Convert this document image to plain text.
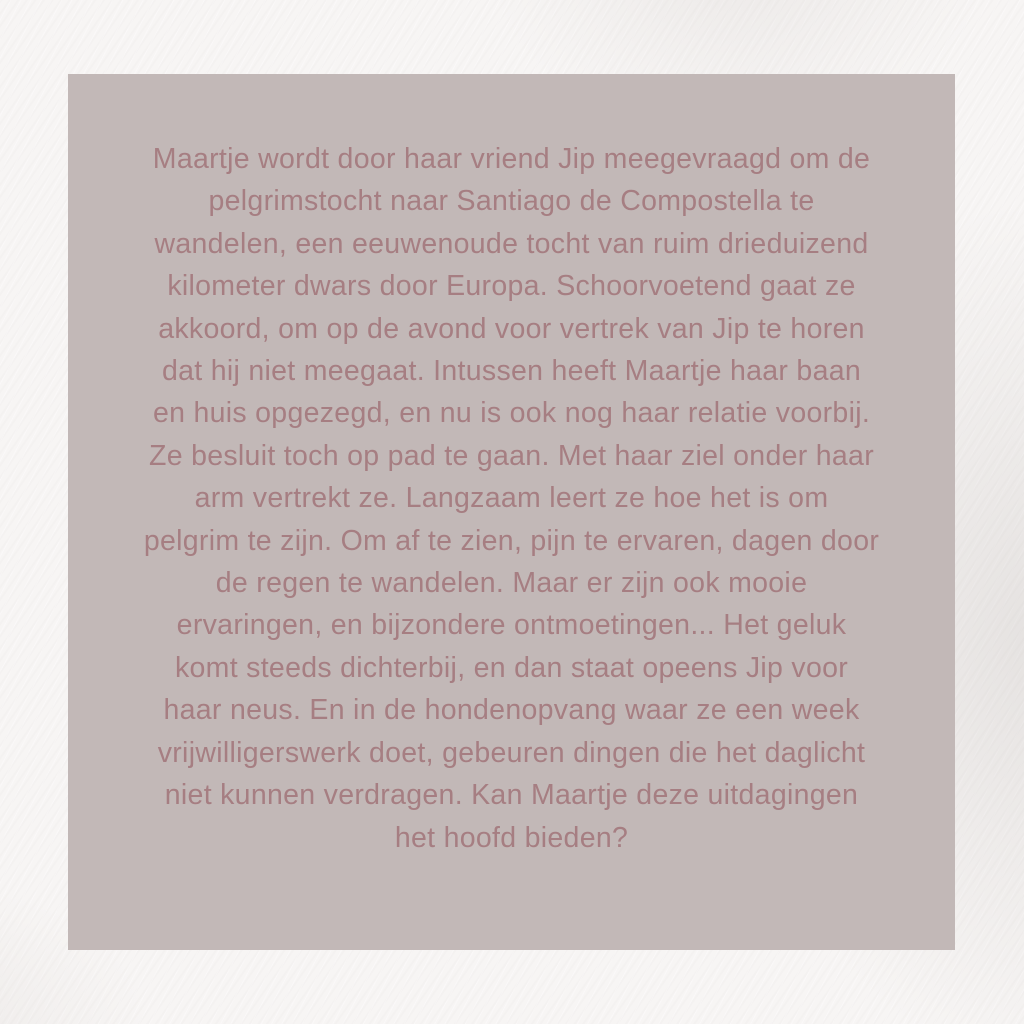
Maartje wordt door haar vriend Jip meegevraagd om de
pelgrimstocht naar Santiago de Compostella te
wandelen, een eeuwenoude tocht van ruim drieduizend
kilometer dwars door Europa. Schoorvoetend gaat ze
akkoord, om op de avond voor vertrek van Jip te horen
dat hij niet meegaat. Intussen heeft Maartje haar baan
en huis opgezegd, en nu is ook nog haar relatie voorbij.
Ze besluit toch op pad te gaan. Met haar ziel onder haar
arm vertrekt ze. Langzaam leert ze hoe het is om
pelgrim te zijn. Om af te zien, pijn te ervaren, dagen door
de regen te wandelen. Maar er zijn ook mooie
ervaringen, en bijzondere ontmoetingen... Het geluk
komt steeds dichterbij, en dan staat opeens Jip voor
haar neus. En in de hondenopvang waar ze een week
vrijwilligerswerk doet, gebeuren dingen die het daglicht
niet kunnen verdragen. Kan Maartje deze uitdagingen
het hoofd bieden?
